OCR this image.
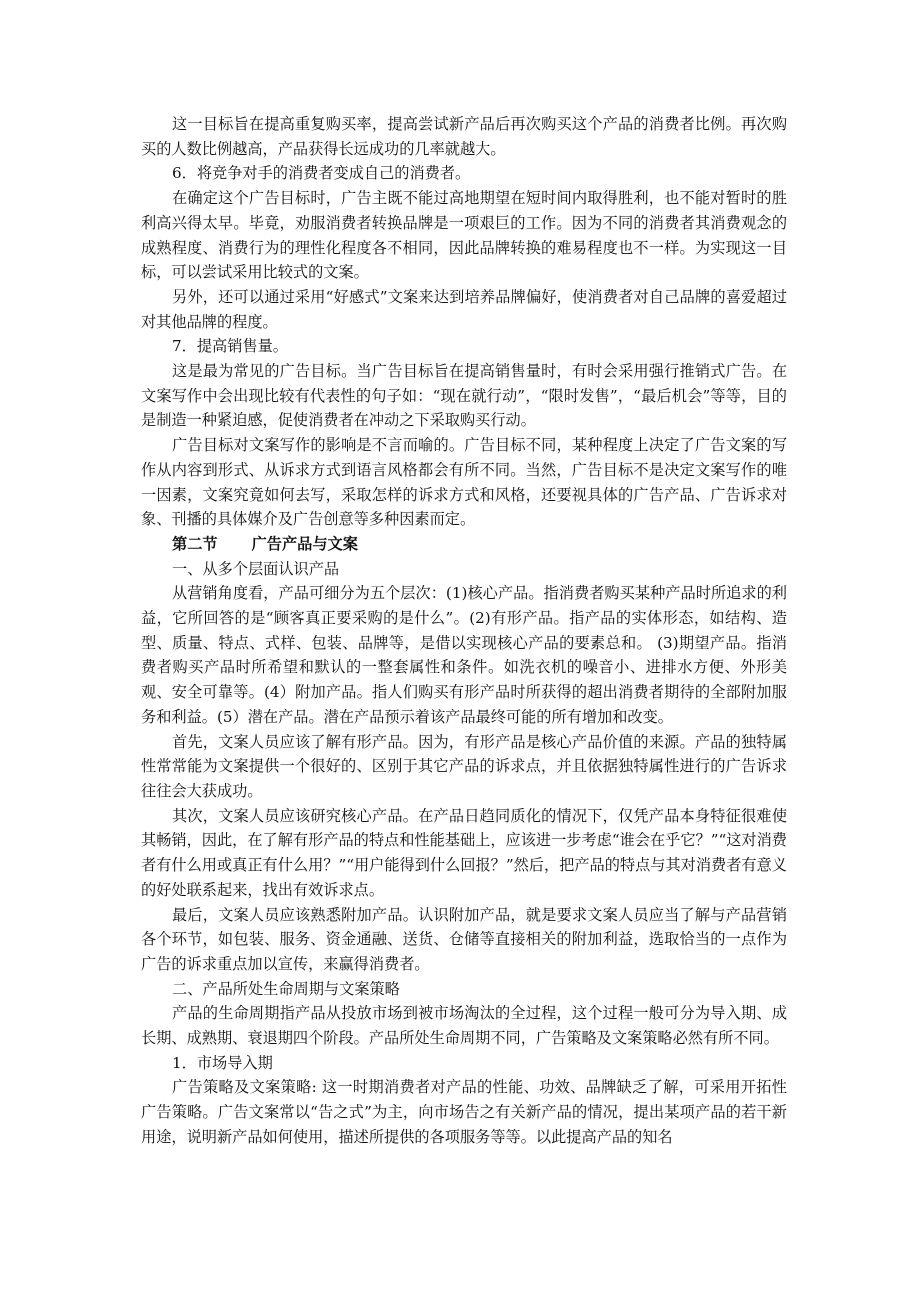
这一目标旨在提高重复购买率，提高尝试新产品后再次购买这个产品的消费者比例。再次购买的人数比例越高，产品获得长远成功的几率就越大。

6．将竞争对手的消费者变成自己的消费者。

在确定这个广告目标时，广告主既不能过高地期望在短时间内取得胜利，也不能对暂时的胜利高兴得太早。毕竟，劝服消费者转换品牌是一项艰巨的工作。因为不同的消费者其消费观念的成熟程度、消费行为的理性化程度各不相同，因此品牌转换的难易程度也不一样。为实现这一目标，可以尝试采用比较式的文案。

另外，还可以通过采用“好感式”文案来达到培养品牌偏好，使消费者对自己品牌的喜爱超过对其他品牌的程度。

7．提高销售量。

这是最为常见的广告目标。当广告目标旨在提高销售量时，有时会采用强行推销式广告。在文案写作中会出现比较有代表性的句子如：“现在就行动”，“限时发售”，“最后机会”等等，目的是制造一种紧迫感，促使消费者在冲动之下采取购买行动。

广告目标对文案写作的影响是不言而喻的。广告目标不同，某种程度上决定了广告文案的写作从内容到形式、从诉求方式到语言风格都会有所不同。当然，广告目标不是决定文案写作的唯一因素，文案究竟如何去写，采取怎样的诉求方式和风格，还要视具体的广告产品、广告诉求对象、刊播的具体媒介及广告创意等多种因素而定。

第二节 广告产品与文案

一、从多个层面认识产品

从营销角度看，产品可细分为五个层次：(1)核心产品。指消费者购买某种产品时所追求的利益，它所回答的是“顾客真正要采购的是什么”。(2)有形产品。指产品的实体形态，如结构、造型、质量、特点、式样、包装、品牌等，是借以实现核心产品的要素总和。 (3)期望产品。指消费者购买产品时所希望和默认的一整套属性和条件。如洗衣机的噪音小、进排水方便、外形美观、安全可靠等。(4）附加产品。指人们购买有形产品时所获得的超出消费者期待的全部附加服务和利益。(5）潜在产品。潜在产品预示着该产品最终可能的所有增加和改变。

首先，文案人员应该了解有形产品。因为，有形产品是核心产品价值的来源。产品的独特属性常常能为文案提供一个很好的、区别于其它产品的诉求点，并且依据独特属性进行的广告诉求往往会大获成功。

其次，文案人员应该研究核心产品。在产品日趋同质化的情况下，仅凭产品本身特征很难使其畅销，因此，在了解有形产品的特点和性能基础上，应该进一步考虑“谁会在乎它？”“这对消费者有什么用或真正有什么用？”“用户能得到什么回报？”然后，把产品的特点与其对消费者有意义的好处联系起来，找出有效诉求点。

最后，文案人员应该熟悉附加产品。认识附加产品，就是要求文案人员应当了解与产品营销各个环节，如包装、服务、资金通融、送货、仓储等直接相关的附加利益，选取恰当的一点作为广告的诉求重点加以宣传，来赢得消费者。

二、产品所处生命周期与文案策略

产品的生命周期指产品从投放市场到被市场淘汰的全过程，这个过程一般可分为导入期、成长期、成熟期、衰退期四个阶段。产品所处生命周期不同，广告策略及文案策略必然有所不同。

1．市场导入期

广告策略及文案策略: 这一时期消费者对产品的性能、功效、品牌缺乏了解，可采用开拓性广告策略。广告文案常以“告之式”为主，向市场告之有关新产品的情况，提出某项产品的若干新用途，说明新产品如何使用，描述所提供的各项服务等等。以此提高产品的知名
